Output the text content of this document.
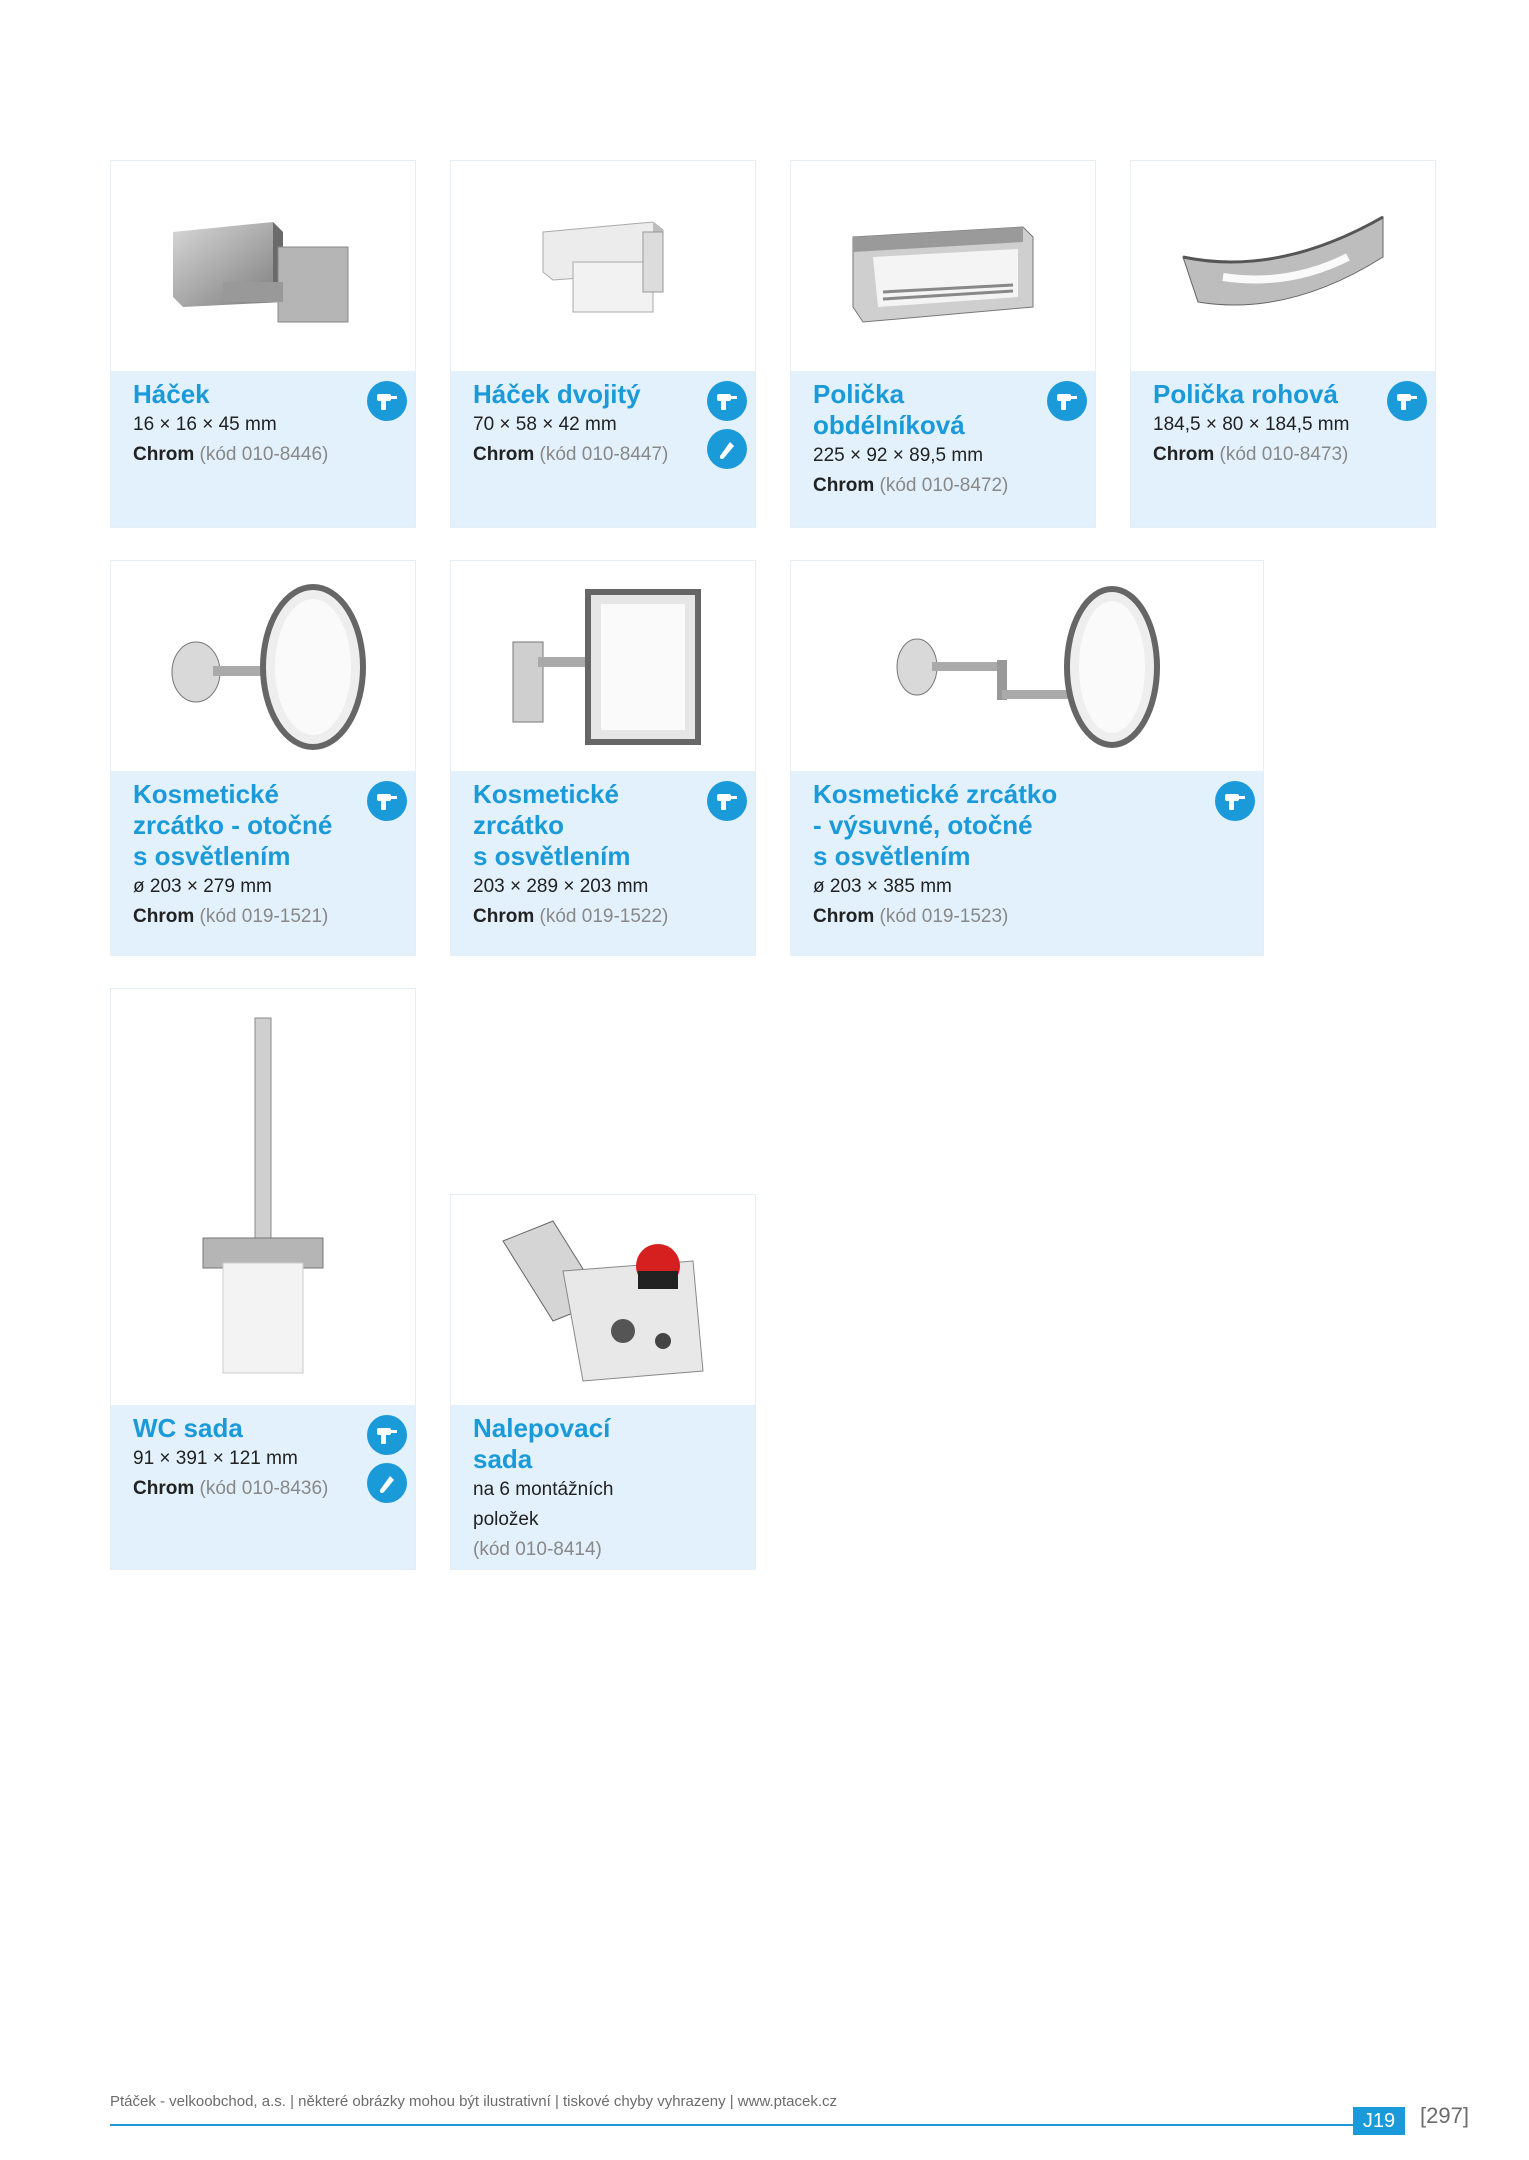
Háček
16 × 16 × 45 mm
Chrom (kód 010-8446)
Háček dvojitý
70 × 58 × 42 mm
Chrom (kód 010-8447)
Polička
obdélníková
225 × 92 × 89,5 mm
Chrom (kód 010-8472)
Polička rohová
184,5 × 80 × 184,5 mm
Chrom (kód 010-8473)
Kosmetické
zrcátko - otočné
s osvětlením
ø 203 × 279 mm
Chrom (kód 019-1521)
Kosmetické
zrcátko
s osvětlením
203 × 289 × 203 mm
Chrom (kód 019-1522)
Kosmetické zrcátko
- výsuvné, otočné
s osvětlením
ø 203 × 385 mm
Chrom (kód 019-1523)
WC sada
91 × 391 × 121 mm
Chrom (kód 010-8436)
Nalepovací sada
na 6 montážních položek
(kód 010-8414)
Ptáček - velkoobchod, a.s. | některé obrázky mohou být ilustrativní | tiskové chyby vyhrazeny | www.ptacek.cz
J19	[297]
